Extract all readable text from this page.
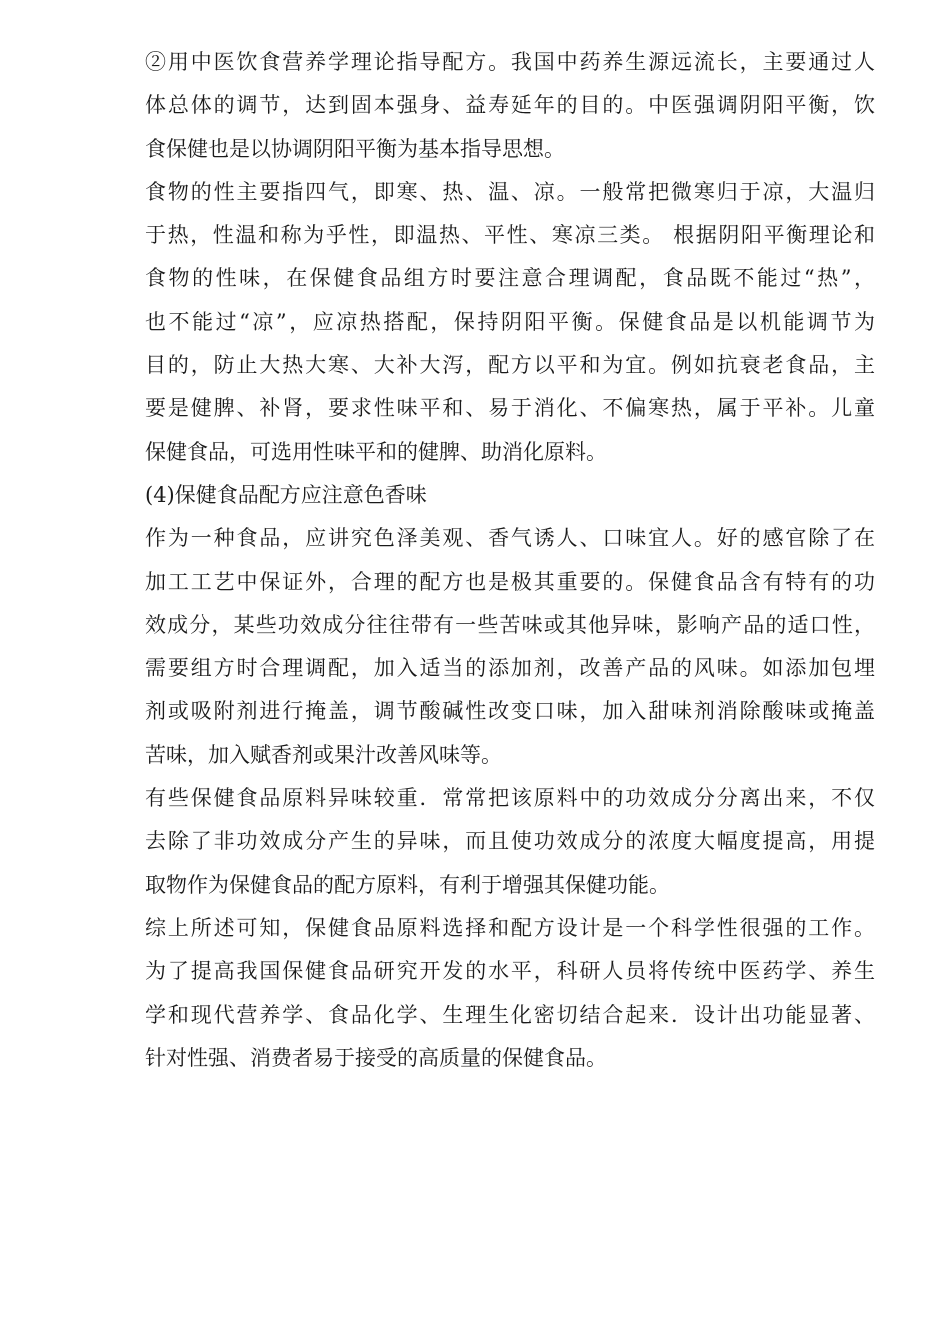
②用中医饮食营养学理论指导配方。我国中药养生源远流长，主要通过人
体总体的调节，达到固本强身、益寿延年的目的。中医强调阴阳平衡，饮
食保健也是以协调阴阳平衡为基本指导思想。
食物的性主要指四气，即寒、热、温、凉。一般常把微寒归于凉，大温归
于热，性温和称为乎性，即温热、平性、寒凉三类。 根据阴阳平衡理论和
食物的性味，在保健食品组方时要注意合理调配，食品既不能过“热”，
也不能过“凉”，应凉热搭配，保持阴阳平衡。保健食品是以机能调节为
目的，防止大热大寒、大补大泻，配方以平和为宜。例如抗衰老食品，主
要是健脾、补肾，要求性味平和、易于消化、不偏寒热，属于平补。儿童
保健食品，可选用性味平和的健脾、助消化原料。
(4)保健食品配方应注意色香味
作为一种食品，应讲究色泽美观、香气诱人、口味宜人。好的感官除了在
加工工艺中保证外，合理的配方也是极其重要的。保健食品含有特有的功
效成分，某些功效成分往往带有一些苦味或其他异味，影响产品的适口性，
需要组方时合理调配，加入适当的添加剂，改善产品的风味。如添加包埋
剂或吸附剂进行掩盖，调节酸碱性改变口味，加入甜味剂消除酸味或掩盖
苦味，加入赋香剂或果汁改善风味等。
有些保健食品原料异味较重．常常把该原料中的功效成分分离出来，不仅
去除了非功效成分产生的异味，而且使功效成分的浓度大幅度提高，用提
取物作为保健食品的配方原料，有利于增强其保健功能。
综上所述可知，保健食品原料选择和配方设计是一个科学性很强的工作。
为了提高我国保健食品研究开发的水平，科研人员将传统中医药学、养生
学和现代营养学、食品化学、生理生化密切结合起来．设计出功能显著、
针对性强、消费者易于接受的高质量的保健食品。
